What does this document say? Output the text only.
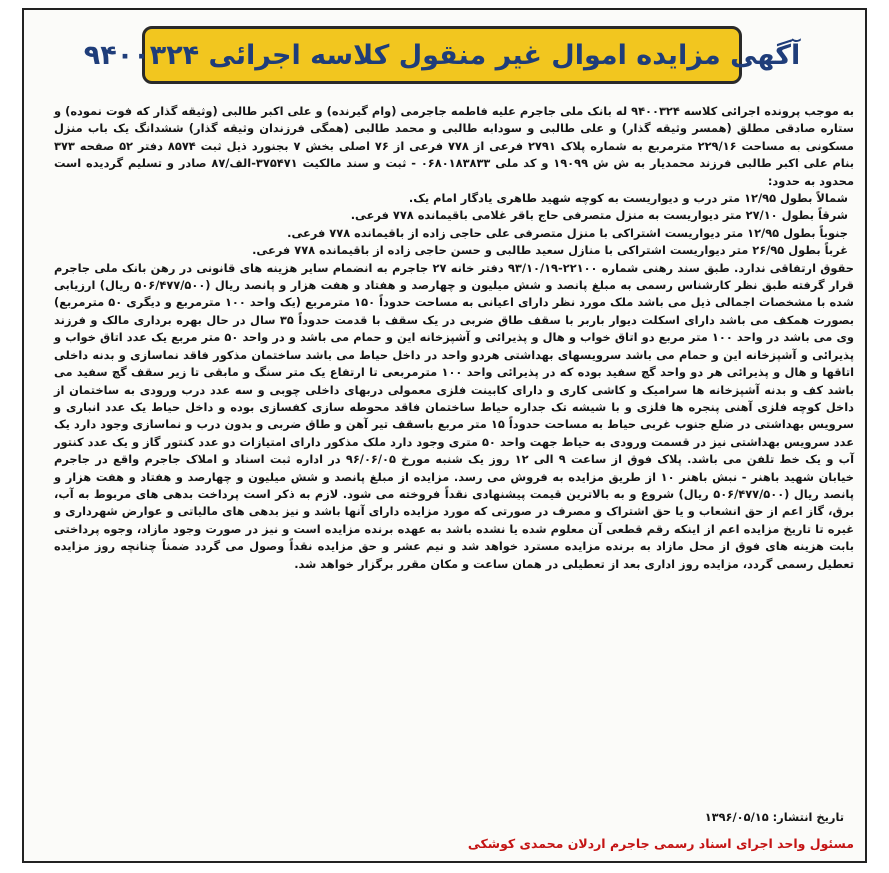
آگهی مزایده اموال غیر منقول کلاسه اجرائی ۹۴۰۰۳۲۴

به موجب پرونده اجرائی کلاسه ۹۴۰۰۳۲۴ له بانک ملی جاجرم علیه فاطمه جاجرمی (وام گیرنده) و علی اکبر طالبی (وثیقه گذار که فوت نموده) و ستاره صادقی مطلق (همسر وثیقه گذار) و علی طالبی و سودابه طالبی و محمد طالبی (همگی فرزندان وثیقه گذار) ششدانگ یک باب منزل مسکونی به مساحت ۲۲۹/۱۶ مترمربع به شماره پلاک ۲۷۹۱ فرعی از ۷۷۸ فرعی از ۷۶ اصلی بخش ۷ بجنورد ذیل ثبت ۸۵۷۴ دفتر ۵۲ صفحه ۳۷۳ بنام علی اکبر طالبی فرزند محمدیار به ش ش ۱۹۰۹۹ و کد ملی ۰۶۸۰۱۸۳۸۳۳ - ثبت و سند مالکیت ۳۷۵۴۷۱-الف/۸۷ صادر و تسلیم گردیده است محدود به حدود:

شمالاً بطول ۱۲/۹۵ متر درب و دیواریست به کوچه شهید طاهری یادگار امام یک.

شرقاً بطول ۲۷/۱۰ متر دیواریست به منزل متصرفی حاج باقر غلامی باقیمانده ۷۷۸ فرعی.

جنوباً بطول ۱۲/۹۵ متر دیواریست اشتراکی با منزل متصرفی علی حاجی زاده از باقیمانده ۷۷۸ فرعی.

غرباً بطول ۲۶/۹۵ متر دیواریست اشتراکی با منازل سعید طالبی و حسن حاجی زاده از باقیمانده ۷۷۸ فرعی.

حقوق ارتفاقی ندارد. طبق سند رهنی شماره ۲۲۱۰۰-۹۳/۱۰/۱۹ دفتر خانه ۲۷ جاجرم به انضمام سایر هزینه های قانونی در رهن بانک ملی جاجرم قرار گرفته طبق نظر کارشناس رسمی به مبلغ پانصد و شش میلیون و چهارصد و هفتاد و هفت هزار و پانصد ریال (۵۰۶/۴۷۷/۵۰۰ ریال) ارزیابی شده با مشخصات اجمالی ذیل می باشد ملک مورد نظر دارای اعیانی به مساحت حدوداً ۱۵۰ مترمربع (یک واحد ۱۰۰ مترمربع و دیگری ۵۰ مترمربع) بصورت همکف می باشد دارای اسکلت دیوار باربر با سقف طاق ضربی در یک سقف با قدمت حدوداً ۳۵ سال در حال بهره برداری مالک و فرزند وی می باشد در واحد ۱۰۰ متر مربع دو اتاق خواب و هال و پذیرائی و آشپزخانه این و حمام می باشد و در واحد ۵۰ متر مربع یک عدد اتاق خواب و پذیرائی و آشپزخانه این و حمام می باشد سرویسهای بهداشتی هردو واحد در داخل حیاط می باشد ساختمان مذکور فاقد نماسازی و بدنه داخلی اتاقها و هال و پذیرائی هر دو واحد گچ سفید بوده که در پذیرائی واحد ۱۰۰ مترمربعی تا ارتفاع یک متر سنگ و مابقی تا زیر سقف گچ سفید می باشد کف و بدنه آشپزخانه ها سرامیک و کاشی کاری و دارای کابینت فلزی معمولی دربهای داخلی چوبی و سه عدد درب ورودی به ساختمان از داخل کوچه فلزی آهنی پنجره ها فلزی و با شیشه تک جداره حیاط ساختمان فاقد محوطه سازی کفسازی بوده و داخل حیاط یک عدد انباری و سرویس بهداشتی در ضلع جنوب غربی حیاط به مساحت حدوداً ۱۵ متر مربع باسقف تیر آهن و طاق ضربی و بدون درب و نماسازی وجود دارد یک عدد سرویس بهداشتی نیز در قسمت ورودی به حیاط جهت واحد ۵۰ متری وجود دارد ملک مذکور دارای امتیازات دو عدد کنتور گاز و یک عدد کنتور آب و یک خط تلفن می باشد. پلاک فوق از ساعت ۹ الی ۱۲ روز یک شنبه مورخ ۹۶/۰۶/۰۵ در اداره ثبت اسناد و املاک جاجرم واقع در جاجرم خیابان شهید باهنر - نبش باهنر ۱۰ از طریق مزایده به فروش می رسد. مزایده از مبلغ پانصد و شش میلیون و چهارصد و هفتاد و هفت هزار و پانصد ریال (۵۰۶/۴۷۷/۵۰۰ ریال) شروع و به بالاترین قیمت پیشنهادی نقداً فروخته می شود. لازم به ذکر است پرداخت بدهی های مربوط به آب، برق، گاز اعم از حق انشعاب و یا حق اشتراک و مصرف در صورتی که مورد مزایده دارای آنها باشد و نیز بدهی های مالیاتی و عوارض شهرداری و غیره تا تاریخ مزایده اعم از اینکه رقم قطعی آن معلوم شده یا نشده باشد به عهده برنده مزایده است و نیز در صورت وجود مازاد، وجوه پرداختی بابت هزینه های فوق از محل مازاد به برنده مزایده مسترد خواهد شد و نیم عشر و حق مزایده نقداً وصول می گردد ضمناً چنانچه روز مزایده تعطیل رسمی گردد، مزایده روز اداری بعد از تعطیلی در همان ساعت و مکان مقرر برگزار خواهد شد.

تاریخ انتشار: ۱۳۹۶/۰۵/۱۵
مسئول واحد اجرای اسناد رسمی جاجرم اردلان محمدی کوشکی
